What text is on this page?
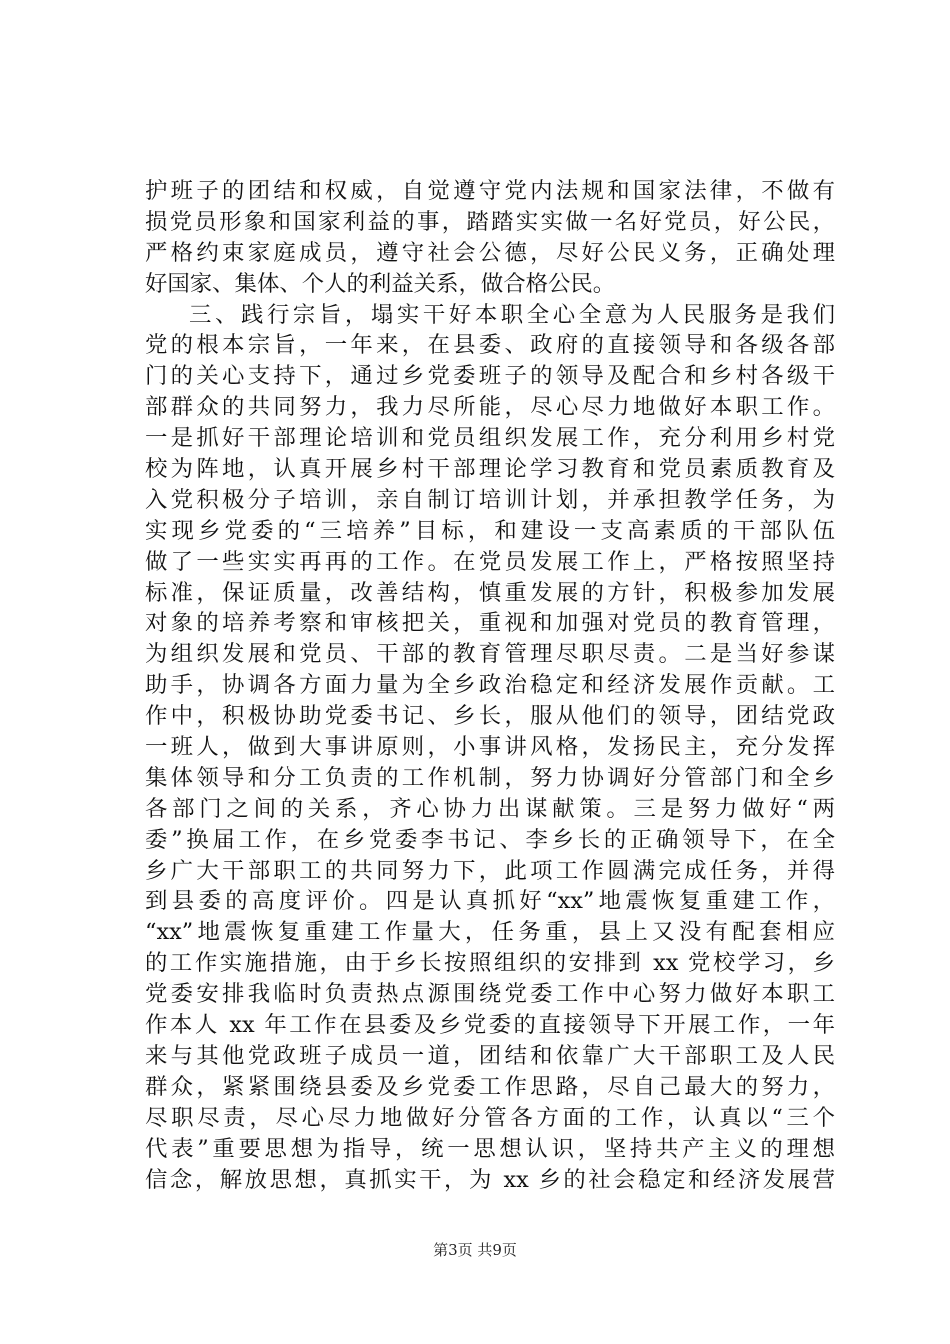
护班子的团结和权威，自觉遵守党内法规和国家法律，不做有
损党员形象和国家利益的事，踏踏实实做一名好党员，好公民，
严格约束家庭成员，遵守社会公德，尽好公民义务，正确处理
好国家、集体、个人的利益关系，做合格公民。
三、践行宗旨，塌实干好本职全心全意为人民服务是我们
党的根本宗旨，一年来，在县委、政府的直接领导和各级各部
门的关心支持下，通过乡党委班子的领导及配合和乡村各级干
部群众的共同努力，我力尽所能，尽心尽力地做好本职工作。
一是抓好干部理论培训和党员组织发展工作，充分利用乡村党
校为阵地，认真开展乡村干部理论学习教育和党员素质教育及
入党积极分子培训，亲自制订培训计划，并承担教学任务，为
实现乡党委的“三培养”目标，和建设一支高素质的干部队伍
做了一些实实再再的工作。在党员发展工作上，严格按照坚持
标准，保证质量，改善结构，慎重发展的方针，积极参加发展
对象的培养考察和审核把关，重视和加强对党员的教育管理，
为组织发展和党员、干部的教育管理尽职尽责。二是当好参谋
助手，协调各方面力量为全乡政治稳定和经济发展作贡献。工
作中，积极协助党委书记、乡长，服从他们的领导，团结党政
一班人，做到大事讲原则，小事讲风格，发扬民主，充分发挥
集体领导和分工负责的工作机制，努力协调好分管部门和全乡
各部门之间的关系，齐心协力出谋献策。三是努力做好“两
委”换届工作，在乡党委李书记、李乡长的正确领导下，在全
乡广大干部职工的共同努力下，此项工作圆满完成任务，并得
到县委的高度评价。四是认真抓好“xx”地震恢复重建工作，
“xx”地震恢复重建工作量大，任务重，县上又没有配套相应
的工作实施措施，由于乡长按照组织的安排到 xx 党校学习，乡
党委安排我临时负责热点源围绕党委工作中心努力做好本职工
作本人 xx 年工作在县委及乡党委的直接领导下开展工作，一年
来与其他党政班子成员一道，团结和依靠广大干部职工及人民
群众，紧紧围绕县委及乡党委工作思路，尽自己最大的努力，
尽职尽责，尽心尽力地做好分管各方面的工作，认真以“三个
代表”重要思想为指导，统一思想认识，坚持共产主义的理想
信念，解放思想，真抓实干，为 xx 乡的社会稳定和经济发展营
第3页 共9页
